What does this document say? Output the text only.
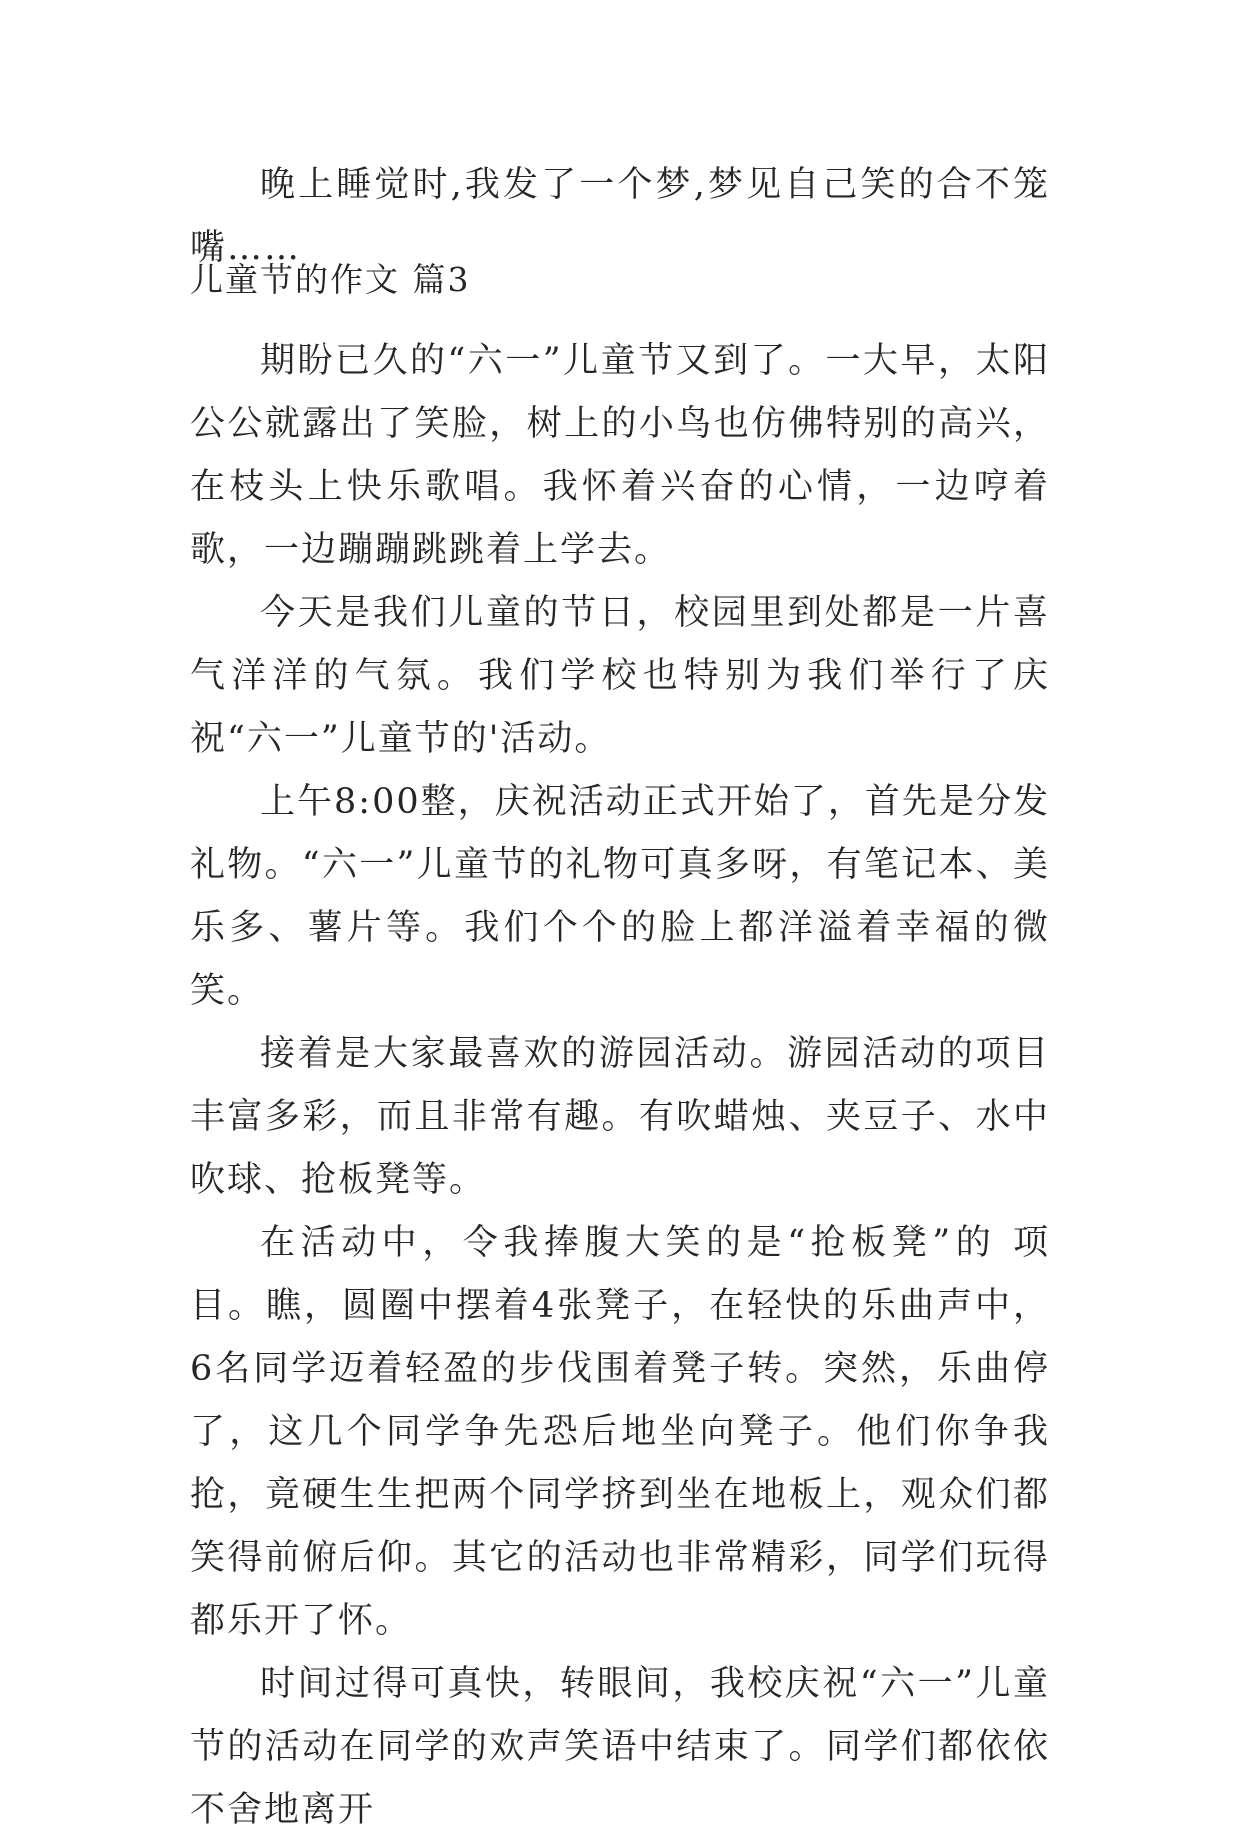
晚上睡觉时,我发了一个梦,梦见自己笑的合不笼嘴……

儿童节的作文 篇3

期盼已久的“六一”儿童节又到了。一大早，太阳公公就露出了笑脸，树上的小鸟也仿佛特别的高兴，在枝头上快乐歌唱。我怀着兴奋的心情，一边哼着歌，一边蹦蹦跳跳着上学去。

今天是我们儿童的节日，校园里到处都是一片喜气洋洋的气氛。我们学校也特别为我们举行了庆祝“六一”儿童节的'活动。

上午8:00整，庆祝活动正式开始了，首先是分发礼物。“六一”儿童节的礼物可真多呀，有笔记本、美乐多、薯片等。我们个个的脸上都洋溢着幸福的微笑。

接着是大家最喜欢的游园活动。游园活动的项目丰富多彩，而且非常有趣。有吹蜡烛、夹豆子、水中吹球、抢板凳等。

在活动中，令我捧腹大笑的是“抢板凳”的 项目。瞧，圆圈中摆着4张凳子，在轻快的乐曲声中，6名同学迈着轻盈的步伐围着凳子转。突然，乐曲停了，这几个同学争先恐后地坐向凳子。他们你争我抢，竟硬生生把两个同学挤到坐在地板上，观众们都笑得前俯后仰。其它的活动也非常精彩，同学们玩得都乐开了怀。

时间过得可真快，转眼间，我校庆祝“六一”儿童节的活动在同学的欢声笑语中结束了。同学们都依依不舍地离开
